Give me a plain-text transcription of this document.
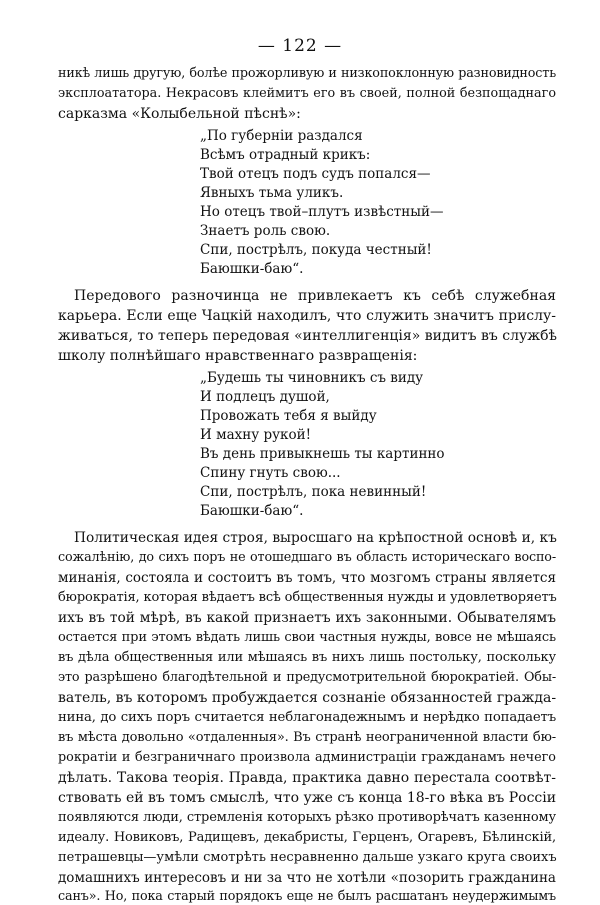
— 122 —
никѣ лишь другую, болѣе прожорливую и низкопоклонную разновидность
эксплоататора. Некрасовъ клеймитъ его въ своей, полной безпощаднаго
сарказма «Колыбельной пѣснѣ»:
„По губерніи раздался
Всѣмъ отрадный крикъ:
Твой отецъ подъ судъ попался—
Явныхъ тьма уликъ.
Но отецъ твой–плутъ извѣстный—
Знаетъ роль свою.
Спи, пострѣлъ, покуда честный!
Баюшки-баю“.
Передового разночинца не привлекаетъ къ себѣ служебная
карьера. Если еще Чацкій находилъ, что служить значитъ прислу-
живаться, то теперь передовая «интеллигенція» видитъ въ службѣ
школу полнѣйшаго нравственнаго развращенія:
„Будешь ты чиновникъ съ виду
И подлецъ душой,
Провожать тебя я выйду
И махну рукой!
Въ день привыкнешь ты картинно
Спину гнуть свою...
Спи, пострѣлъ, пока невинный!
Баюшки-баю“.
Политическая идея строя, выросшаго на крѣпостной основѣ и, къ
сожалѣнію, до сихъ поръ не отошедшаго въ область историческаго воспо-
минанія, состояла и состоитъ въ томъ, что мозгомъ страны является
бюрократія, которая вѣдаетъ всѣ общественныя нужды и удовлетворяетъ
ихъ въ той мѣрѣ, въ какой признаетъ ихъ законными. Обывателямъ
остается при этомъ вѣдать лишь свои частныя нужды, вовсе не мѣшаясь
въ дѣла общественныя или мѣшаясь въ нихъ лишь постольку, поскольку
это разрѣшено благодѣтельной и предусмотрительной бюрократіей. Обы-
ватель, въ которомъ пробуждается сознаніе обязанностей гражда-
нина, до сихъ поръ считается неблагонадежнымъ и нерѣдко попадаетъ
въ мѣста довольно «отдаленныя». Въ странѣ неограниченной власти бю-
рократіи и безграничнаго произвола администраціи гражданамъ нечего
дѣлать. Такова теорія. Правда, практика давно перестала соотвѣт-
ствовать ей въ томъ смыслѣ, что уже съ конца 18-го вѣка въ Россіи
появляются люди, стремленія которыхъ рѣзко противорѣчатъ казенному
идеалу. Новиковъ, Радищевъ, декабристы, Герценъ, Огаревъ, Бѣлинскій,
петрашевцы—умѣли смотрѣть несравненно дальше узкаго круга своихъ
домашнихъ интересовъ и ни за что не хотѣли «позорить гражданина
санъ». Но, пока старый порядокъ еще не былъ расшатанъ неудержимымъ
